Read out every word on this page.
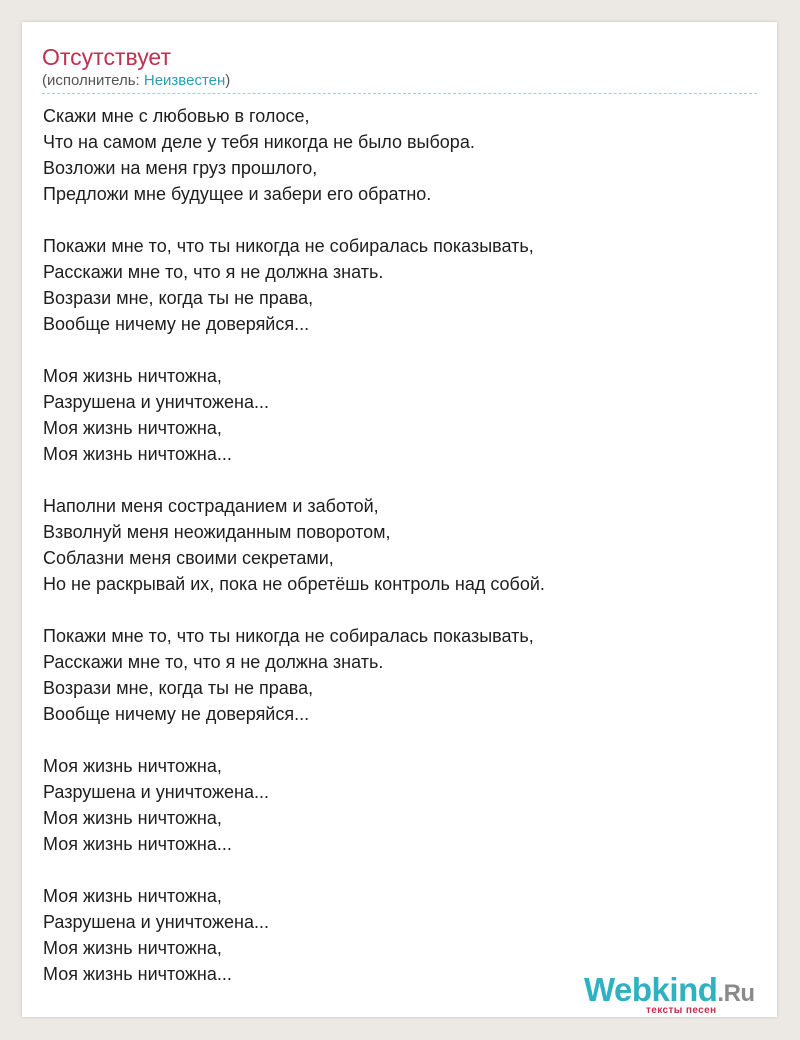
Отсутствует
(исполнитель: Неизвестен)
Скажи мне с любовью в голосе,
Что на самом деле у тебя никогда не было выбора.
Возложи на меня груз прошлого,
Предложи мне будущее и забери его обратно.
Покажи мне то, что ты никогда не собиралась показывать,
Расскажи мне то, что я не должна знать.
Возрази мне, когда ты не права,
Вообще ничему не доверяйся...
Моя жизнь ничтожна,
Разрушена и уничтожена...
Моя жизнь ничтожна,
Моя жизнь ничтожна...
Наполни меня состраданием и заботой,
Взволнуй меня неожиданным поворотом,
Соблазни меня своими секретами,
Но не раскрывай их, пока не обретёшь контроль над собой.
Покажи мне то, что ты никогда не собиралась показывать,
Расскажи мне то, что я не должна знать.
Возрази мне, когда ты не права,
Вообще ничему не доверяйся...
Моя жизнь ничтожна,
Разрушена и уничтожена...
Моя жизнь ничтожна,
Моя жизнь ничтожна...
Моя жизнь ничтожна,
Разрушена и уничтожена...
Моя жизнь ничтожна,
Моя жизнь ничтожна...	Webkind.Ru
тексты песен
